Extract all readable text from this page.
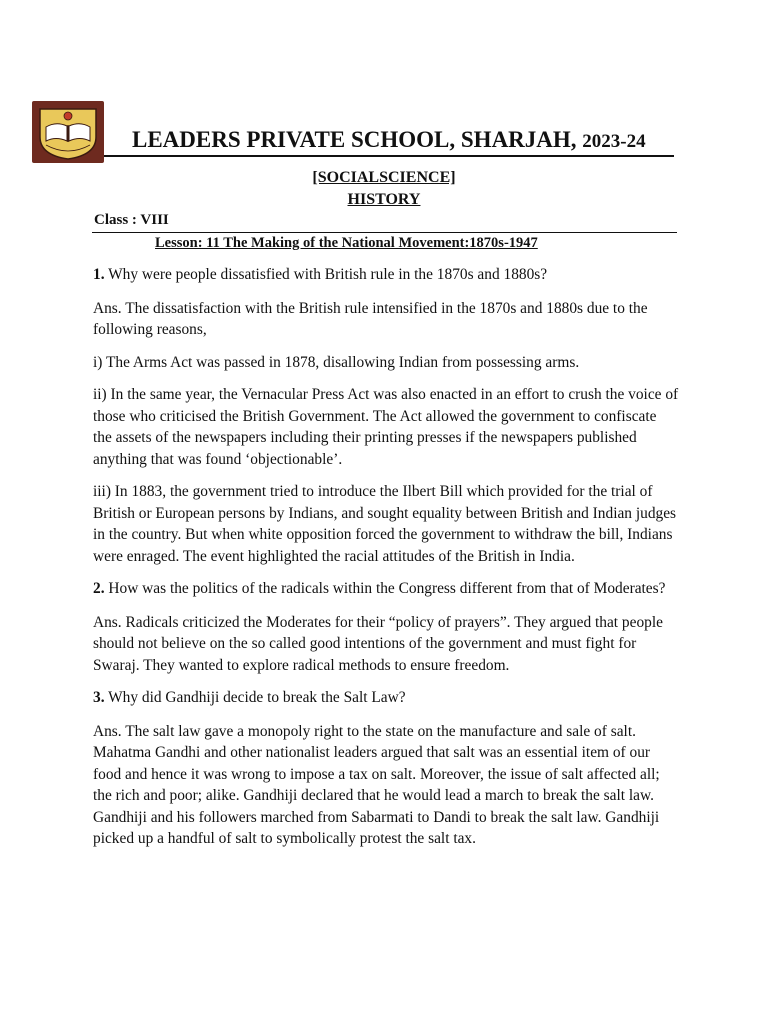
LEADERS PRIVATE SCHOOL, SHARJAH, 2023-24
[SOCIALSCIENCE]
HISTORY
Class : VIII
Lesson: 11 The Making of the National Movement:1870s-1947

1. Why were people dissatisfied with British rule in the 1870s and 1880s?

Ans. The dissatisfaction with the British rule intensified in the 1870s and 1880s due to the following reasons,

i) The Arms Act was passed in 1878, disallowing Indian from possessing arms.

ii) In the same year, the Vernacular Press Act was also enacted in an effort to crush the voice of those who criticised the British Government. The Act allowed the government to confiscate the assets of the newspapers including their printing presses if the newspapers published anything that was found ‘objectionable’.

iii) In 1883, the government tried to introduce the Ilbert Bill which provided for the trial of British or European persons by Indians, and sought equality between British and Indian judges in the country. But when white opposition forced the government to withdraw the bill, Indians were enraged. The event highlighted the racial attitudes of the British in India.

2. How was the politics of the radicals within the Congress different from that of Moderates?

Ans. Radicals criticized the Moderates for their “policy of prayers”. They argued that people should not believe on the so called good intentions of the government and must fight for Swaraj. They wanted to explore radical methods to ensure freedom.

3. Why did Gandhiji decide to break the Salt Law?

Ans. The salt law gave a monopoly right to the state on the manufacture and sale of salt. Mahatma Gandhi and other nationalist leaders argued that salt was an essential item of our food and hence it was wrong to impose a tax on salt. Moreover, the issue of salt affected all; the rich and poor; alike. Gandhiji declared that he would lead a march to break the salt law. Gandhiji and his followers marched from Sabarmati to Dandi to break the salt law. Gandhiji picked up a handful of salt to symbolically protest the salt tax.
